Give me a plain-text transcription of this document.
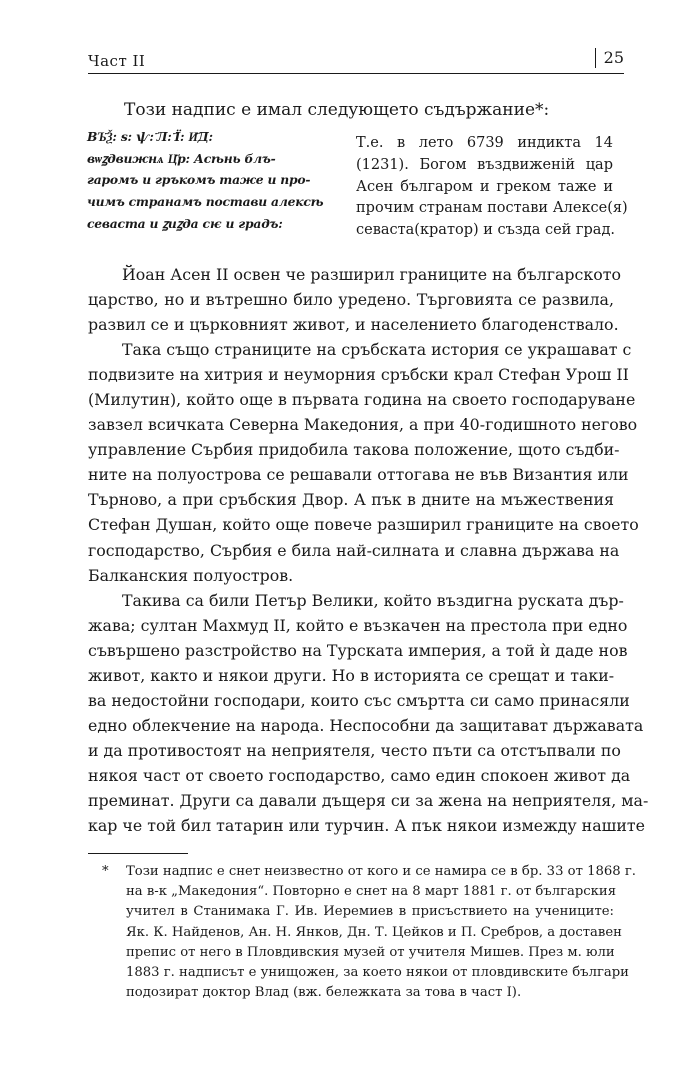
Част II	25
Този надпис е имал следующето съдържание*:
ВЪ҃Ѯ: ѕ: ѱ: ҃Л: ҃Ї: И҃Д:
вѡꙁдвижнѧ Ц҃р: Асѣнь блъ-
гаромъ и гръкомъ таже и про-
чимъ странамъ постави алексѣ
севаста и ꙁиꙁда сѥ и градъ:
Т.е. в лето 6739 индикта 14
(1231). Богом въздвиженій цар
Асен българом и греком таже и
прочим странам постави Алексе(я)
севаста(кратор) и създа сей град.
Йоан Асен II освен че разширил границите на българското
царство, но и вътрешно било уредено. Търговията се развила,
развил се и църковният живот, и населението благоденствало.
Така също страниците на сръбската история се украшават с
подвизите на хитрия и неуморния сръбски крал Стефан Урош II
(Милутин), който още в първата година на своето господаруване
завзел всичката Северна Македония, а при 40-годишното негово
управление Сърбия придобила такова положение, щото съдби-
ните на полуострова се решавали оттогава не във Византия или
Търново, а при сръбския Двор. А пък в дните на мъжествения
Стефан Душан, който още повече разширил границите на своето
господарство, Сърбия е била най-силната и славна държава на
Балканския полуостров.
Такива са били Петър Велики, който въздигна руската дър-
жава; султан Махмуд II, който е възкачен на престола при едно
съвършено разстройство на Турската империя, а той ѝ даде нов
живот, както и някои други. Но в историята се срещат и таки-
ва недостойни господари, които със смъртта си само принасяли
едно облекчение на народа. Неспособни да защитават държавата
и да противостоят на неприятеля, често пъти са отстъпвали по
някоя част от своето господарство, само един спокоен живот да
преминат. Други са давали дъщеря си за жена на неприятеля, ма-
кар че той бил татарин или турчин. А пък някои измежду нашите
* Този надпис е снет неизвестно от кого и се намира се в бр. 33 от 1868 г.
на в-к „Македония“. Повторно е снет на 8 март 1881 г. от българския
учител в Станимака Г. Ив. Иеремиев в присъствието на учениците:
Як. К. Найденов, Ан. Н. Янков, Дн. Т. Цейков и П. Сребров, а доставен
препис от него в Пловдивския музей от учителя Мишев. През м. юли
1883 г. надписът е унищожен, за което някои от пловдивските българи
подозират доктор Влад (вж. бележката за това в част I).
